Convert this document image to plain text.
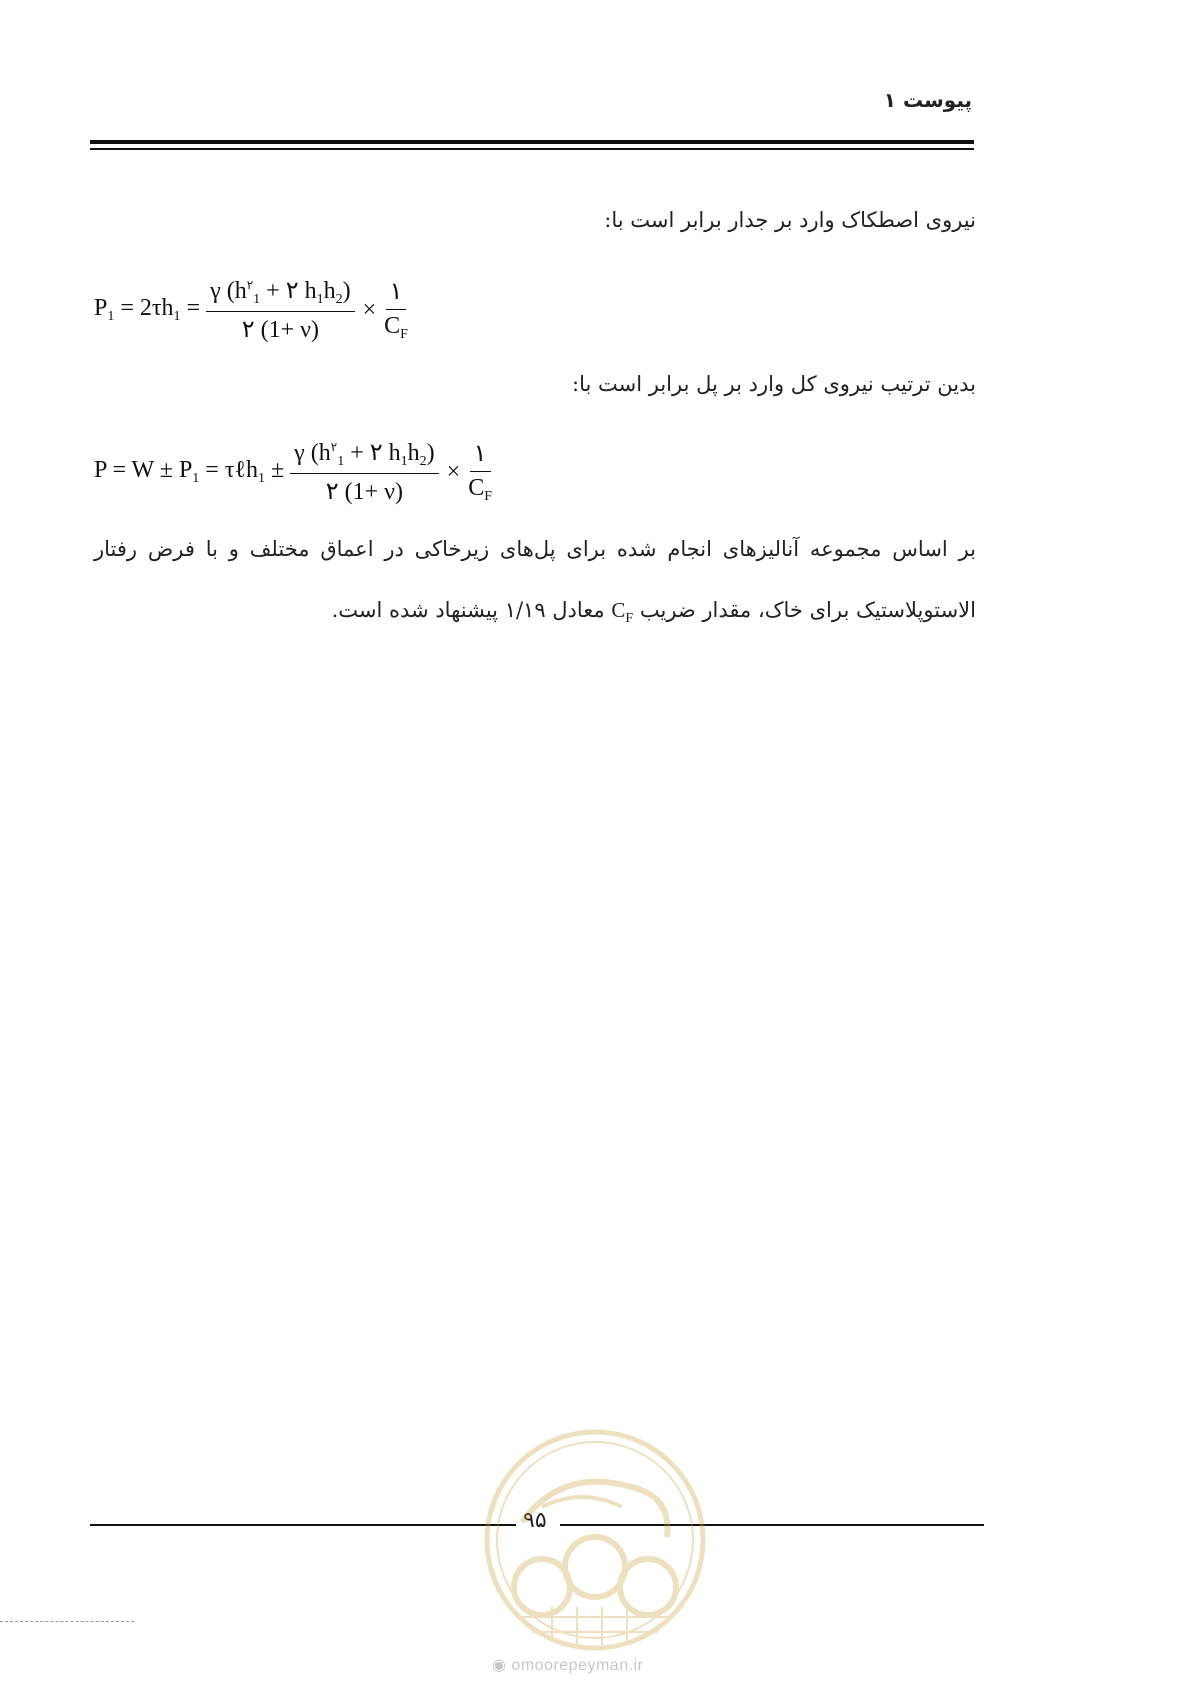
پیوست ۱
نیروی اصطکاک وارد بر جدار برابر است با:
$P_1 = 2\tau h_1 = \frac{\gamma (h^۲_1 + ۲ h_1h_2)}{۲ (1+ \nu)} \times \frac{۱}{C_F}$
بدین ترتیب نیروی کل وارد بر پل برابر است با:
$P = W \pm P_1$ = τℓh$_1$ ± $\frac{\gamma (h^۲_1 + ۲ h_1h_2)}{۲ (1+ \nu)} \times \frac{۱}{C_F}$
بر اساس مجموعه آنالیزهای انجام شده برای پل‌های زیرخاکی در اعماق مختلف و با فرض رفتار
الاستوپلاستیک برای خاک، مقدار ضریب $C_F$ معادل ۱/۱۹ پیشنهاد شده است.
۹۵
◉ omoorepeyman.ir
